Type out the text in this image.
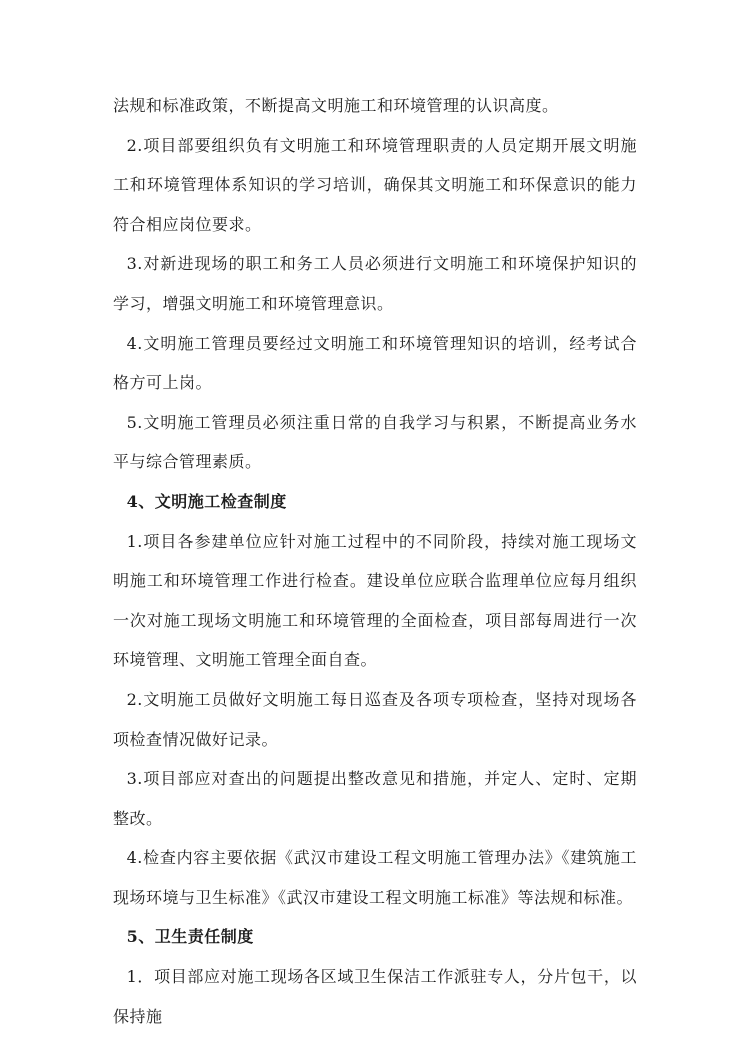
法规和标准政策，不断提高文明施工和环境管理的认识高度。

2.项目部要组织负有文明施工和环境管理职责的人员定期开展文明施工和环境管理体系知识的学习培训，确保其文明施工和环保意识的能力符合相应岗位要求。

3.对新进现场的职工和务工人员必须进行文明施工和环境保护知识的学习，增强文明施工和环境管理意识。

4.文明施工管理员要经过文明施工和环境管理知识的培训，经考试合格方可上岗。

5.文明施工管理员必须注重日常的自我学习与积累，不断提高业务水平与综合管理素质。

4、文明施工检查制度

1.项目各参建单位应针对施工过程中的不同阶段，持续对施工现场文明施工和环境管理工作进行检查。建设单位应联合监理单位应每月组织一次对施工现场文明施工和环境管理的全面检查，项目部每周进行一次环境管理、文明施工管理全面自查。

2.文明施工员做好文明施工每日巡查及各项专项检查，坚持对现场各项检查情况做好记录。

3.项目部应对查出的问题提出整改意见和措施，并定人、定时、定期整改。

4.检查内容主要依据《武汉市建设工程文明施工管理办法》《建筑施工现场环境与卫生标准》《武汉市建设工程文明施工标准》等法规和标准。

5、卫生责任制度

1．项目部应对施工现场各区域卫生保洁工作派驻专人，分片包干，以保持施
